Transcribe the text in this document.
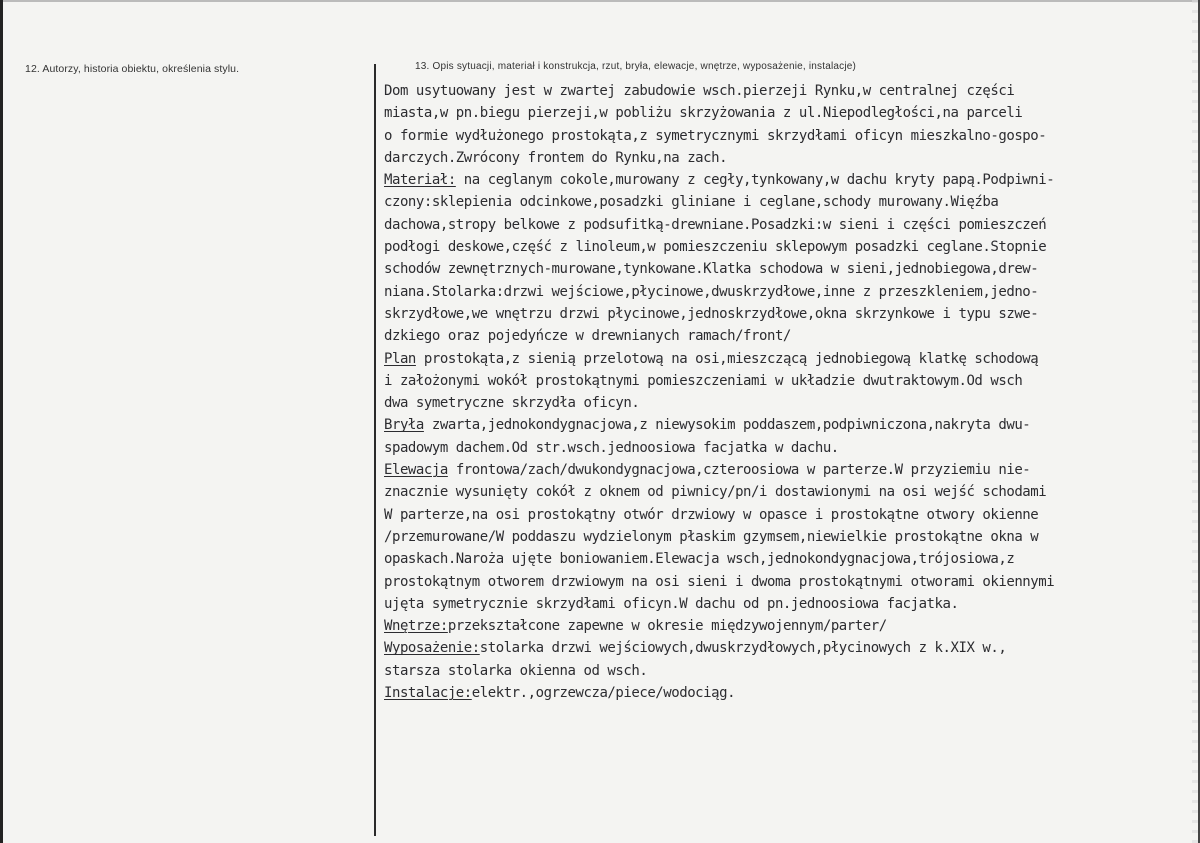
12. Autorzy, historia obiektu, określenia stylu.	13. Opis sytuacji, materiał i konstrukcja, rzut, bryła, elewacje, wnętrze, wyposażenie, instalacje)
Dom usytuowany jest w zwartej zabudowie wsch.pierzeji Rynku,w centralnej części
miasta,w pn.biegu pierzeji,w pobliżu skrzyżowania z ul.Niepodległości,na parceli
o formie wydłużonego prostokąta,z symetrycznymi skrzydłami oficyn mieszkalno-gospo-
darczych.Zwrócony frontem do Rynku,na zach.
Materiał: na ceglanym cokole,murowany z cegły,tynkowany,w dachu kryty papą.Podpiwni-
czony:sklepienia odcinkowe,posadzki gliniane i ceglane,schody murowany.Więźba
dachowa,stropy belkowe z podsufitką-drewniane.Posadzki:w sieni i części pomieszczeń
podłogi deskowe,część z linoleum,w pomieszczeniu sklepowym posadzki ceglane.Stopnie
schodów zewnętrznych-murowane,tynkowane.Klatka schodowa w sieni,jednobiegowa,drew-
niana.Stolarka:drzwi wejściowe,płycinowe,dwuskrzydłowe,inne z przeszkleniem,jedno-
skrzydłowe,we wnętrzu drzwi płycinowe,jednoskrzydłowe,okna skrzynkowe i typu szwe-
dzkiego oraz pojedyńcze w drewnianych ramach/front/
Plan prostokąta,z sienią przelotową na osi,mieszczącą jednobiegową klatkę schodową
i założonymi wokół prostokątnymi pomieszczeniami w układzie dwutraktowym.Od wsch
dwa symetryczne skrzydła oficyn.
Bryła zwarta,jednokondygnacjowa,z niewysokim poddaszem,podpiwniczona,nakryta dwu-
spadowym dachem.Od str.wsch.jednoosiowa facjatka w dachu.
Elewacja frontowa/zach/dwukondygnacjowa,czteroosiowa w parterze.W przyziemiu nie-
znacznie wysunięty cokół z oknem od piwnicy/pn/i dostawionymi na osi wejść schodami
W parterze,na osi prostokątny otwór drzwiowy w opasce i prostokątne otwory okienne
/przemurowane/W poddaszu wydzielonym płaskim gzymsem,niewielkie prostokątne okna w
opaskach.Naroża ujęte boniowaniem.Elewacja wsch,jednokondygnacjowa,trójosiowa,z
prostokątnym otworem drzwiowym na osi sieni i dwoma prostokątnymi otworami okiennymi
ujęta symetrycznie skrzydłami oficyn.W dachu od pn.jednoosiowa facjatka.
Wnętrze:przekształcone zapewne w okresie międzywojennym/parter/
Wyposażenie:stolarka drzwi wejściowych,dwuskrzydłowych,płycinowych z k.XIX w.,
starsza stolarka okienna od wsch.
Instalacje:elektr.,ogrzewcza/piece/wodociąg.
